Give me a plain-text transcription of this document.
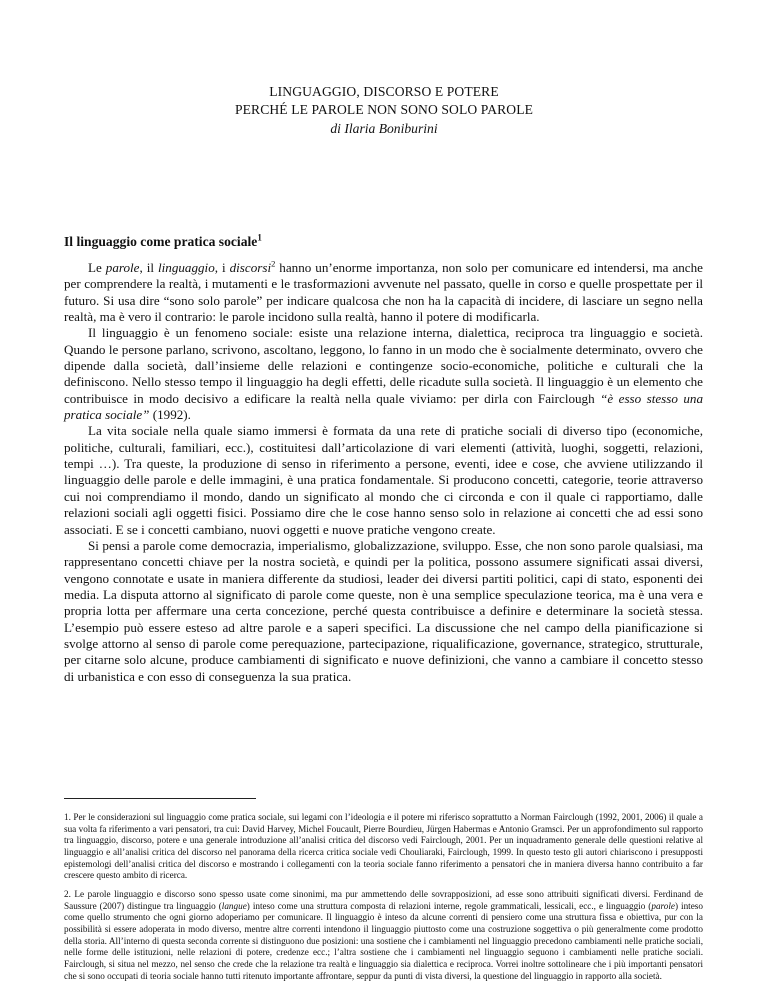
LINGUAGGIO, DISCORSO E POTERE
PERCHÉ LE PAROLE NON SONO SOLO PAROLE
di Ilaria Boniburini
Il linguaggio come pratica sociale$^1$

Le parole, il linguaggio, i discorsi$^2$ hanno un’enorme importanza, non solo per comunicare ed intendersi, ma anche per comprendere la realtà, i mutamenti e le trasformazioni avvenute nel passato, quelle in corso e quelle prospettate per il futuro. Si usa dire “sono solo parole” per indicare qualcosa che non ha la capacità di incidere, di lasciare un segno nella realtà, ma è vero il contrario: le parole incidono sulla realtà, hanno il potere di modificarla.

Il linguaggio è un fenomeno sociale: esiste una relazione interna, dialettica, reciproca tra linguaggio e società. Quando le persone parlano, scrivono, ascoltano, leggono, lo fanno in un modo che è socialmente determinato, ovvero che dipende dalla società, dall’insieme delle relazioni e contingenze socio-economiche, politiche e culturali che la definiscono. Nello stesso tempo il linguaggio ha degli effetti, delle ricadute sulla società. Il linguaggio è un elemento che contribuisce in modo decisivo a edificare la realtà nella quale viviamo: per dirla con Fairclough “è esso stesso una pratica sociale” (1992).

La vita sociale nella quale siamo immersi è formata da una rete di pratiche sociali di diverso tipo (economiche, politiche, culturali, familiari, ecc.), costituitesi dall’articolazione di vari elementi (attività, luoghi, soggetti, relazioni, tempi …). Tra queste, la produzione di senso in riferimento a persone, eventi, idee e cose, che avviene utilizzando il linguaggio delle parole e delle immagini, è una pratica fondamentale. Si producono concetti, categorie, teorie attraverso cui noi comprendiamo il mondo, dando un significato al mondo che ci circonda e con il quale ci rapportiamo, dalle relazioni sociali agli oggetti fisici. Possiamo dire che le cose hanno senso solo in relazione ai concetti che ad essi sono associati. E se i concetti cambiano, nuovi oggetti e nuove pratiche vengono create.

Si pensi a parole come democrazia, imperialismo, globalizzazione, sviluppo. Esse, che non sono parole qualsiasi, ma rappresentano concetti chiave per la nostra società, e quindi per la politica, possono assumere significati assai diversi, vengono connotate e usate in maniera differente da studiosi, leader dei diversi partiti politici, capi di stato, esponenti dei media. La disputa attorno al significato di parole come queste, non è una semplice speculazione teorica, ma è una vera e propria lotta per affermare una certa concezione, perché questa contribuisce a definire e determinare la società stessa. L’esempio può essere esteso ad altre parole e a saperi specifici. La discussione che nel campo della pianificazione si svolge attorno al senso di parole come perequazione, partecipazione, riqualificazione, governance, strategico, strutturale, per citarne solo alcune, produce cambiamenti di significato e nuove definizioni, che vanno a cambiare il concetto stesso di urbanistica e con esso di conseguenza la sua pratica.

1. Per le considerazioni sul linguaggio come pratica sociale, sui legami con l’ideologia e il potere mi riferisco soprattutto a Norman Fairclough (1992, 2001, 2006) il quale a sua volta fa riferimento a vari pensatori, tra cui: David Harvey, Michel Foucault, Pierre Bourdieu, Jürgen Habermas e Antonio Gramsci. Per un approfondimento sul rapporto tra linguaggio, discorso, potere e una generale introduzione all’analisi critica del discorso vedi Fairclough, 2001. Per un inquadramento generale delle questioni relative al linguaggio e all’analisi critica del discorso nel panorama della ricerca critica sociale vedi Chouliaraki, Fairclough, 1999. In questo testo gli autori chiariscono i presupposti epistemologi dell’analisi critica del discorso e mostrando i collegamenti con la teoria sociale fanno riferimento a pensatori che in maniera diversa hanno contribuito a far crescere questo ambito di ricerca.

2. Le parole linguaggio e discorso sono spesso usate come sinonimi, ma pur ammettendo delle sovrapposizioni, ad esse sono attribuiti significati diversi. Ferdinand de Saussure (2007) distingue tra linguaggio (langue) inteso come una struttura composta di relazioni interne, regole grammaticali, lessicali, ecc., e linguaggio (parole) inteso come quello strumento che ogni giorno adoperiamo per comunicare. Il linguaggio è inteso da alcune correnti di pensiero come una struttura fissa e obiettiva, pur con la possibilità si essere adoperata in modo diverso, mentre altre correnti intendono il linguaggio piuttosto come una costruzione soggettiva o più generalmente come prodotto della storia. All’interno di questa seconda corrente si distinguono due posizioni: una sostiene che i cambiamenti nel linguaggio precedono cambiamenti nelle pratiche sociali, nelle forme delle istituzioni, nelle relazioni di potere, credenze ecc.; l’altra sostiene che i cambiamenti nel linguaggio seguono i cambiamenti nelle pratiche sociali. Fairclough, si situa nel mezzo, nel senso che crede che la relazione tra realtà e linguaggio sia dialettica e reciproca. Vorrei inoltre sottolineare che i più importanti pensatori che si sono occupati di teoria sociale hanno tutti ritenuto importante affrontare, seppur da punti di vista diversi, la questione del linguaggio in rapporto alla società.
